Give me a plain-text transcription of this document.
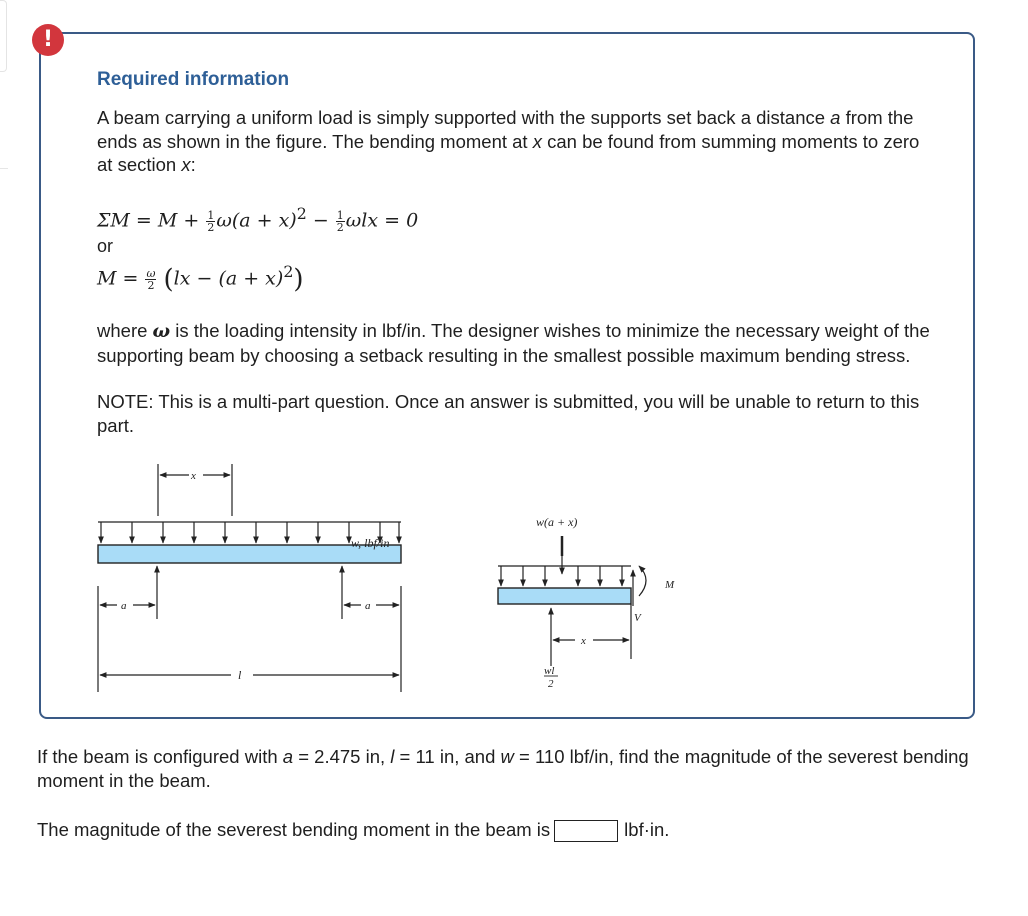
!
Required information

A beam carrying a uniform load is simply supported with the supports set back a distance a from the ends as shown in the figure. The bending moment at x can be found from summing moments to zero at section x:

$\Sigma M = M + \frac{1}{2} \omega(a + x)^2 - \frac{1}{2}$ ωlx = 0
or
$M = \frac{\omega}{2} (lx - (a + x)^2)$

where ω is the loading intensity in lbf/in. The designer wishes to minimize the necessary weight of the supporting beam by choosing a setback resulting in the smallest possible maximum bending stress.

NOTE: This is a multi-part question. Once an answer is submitted, you will be unable to return to this part.

x
w, lbf/in
a	a
l
w(a + x)
M
V
x
wl
2

If the beam is configured with a = 2.475 in, l = 11 in, and w = 110 lbf/in, find the magnitude of the severest bending moment in the beam.

The magnitude of the severest bending moment in the beam is	lbf·in.
